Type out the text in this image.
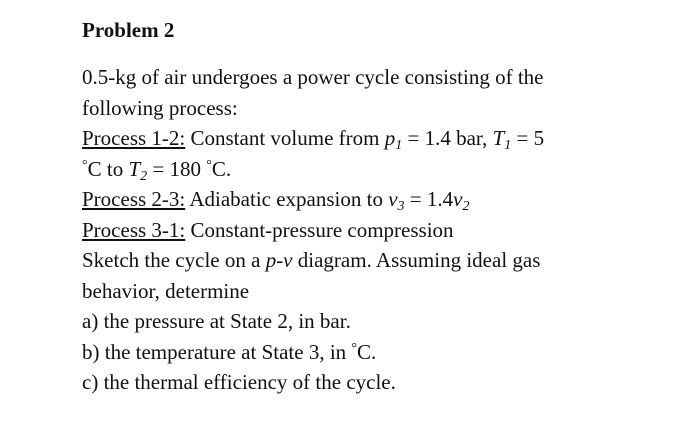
Problem 2
0.5-kg of air undergoes a power cycle consisting of the
following process:
Process 1-2: Constant volume from $p_1 = 1.4$ bar, $T_1 = 5$
°C to $T_2 = 180$ °C.
Process 2-3: Adiabatic expansion to $v_3 = 1.4v_2$
Process 3-1: Constant-pressure compression
Sketch the cycle on a p-v diagram. Assuming ideal gas
behavior, determine
a) the pressure at State 2, in bar.
b) the temperature at State 3, in °C.
c) the thermal efficiency of the cycle.
